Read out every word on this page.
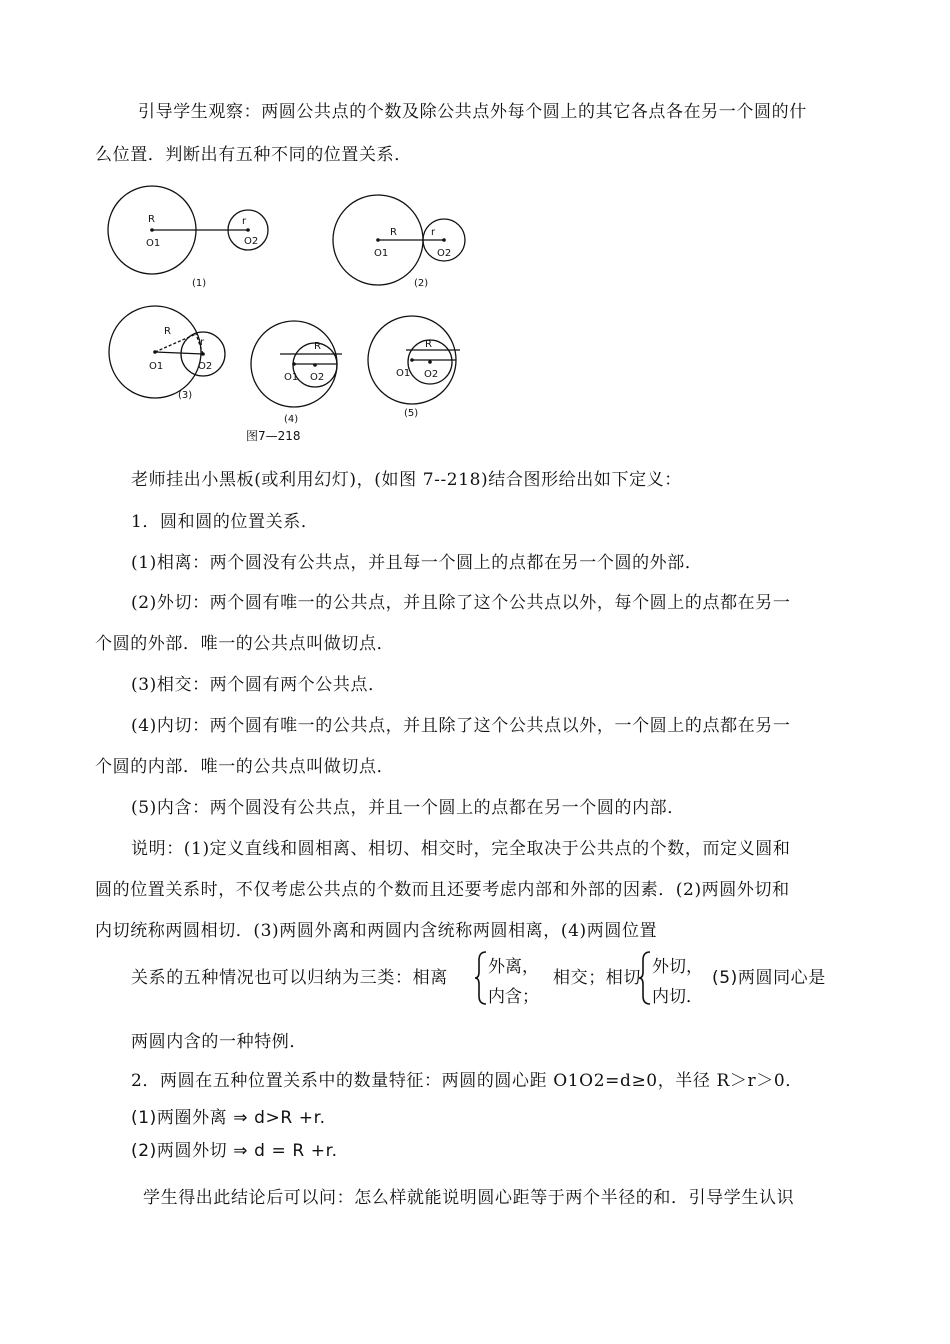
引导学生观察：两圆公共点的个数及除公共点外每个圆上的其它各点各在另一个圆的什
么位置．判断出有五种不同的位置关系．
R	r
O1	O2
(1)
R	r
O1	O2
(2)
R
r
O1	O2
(3)
R
O1 O2
(4)
R
O1 O2
(5)
图7—218
老师挂出小黑板(或利用幻灯)，(如图 7--218)结合图形给出如下定义：
1．圆和圆的位置关系．
(1)相离：两个圆没有公共点，并且每一个圆上的点都在另一个圆的外部．
(2)外切：两个圆有唯一的公共点，并且除了这个公共点以外，每个圆上的点都在另一
个圆的外部．唯一的公共点叫做切点．
(3)相交：两个圆有两个公共点．
(4)内切：两个圆有唯一的公共点，并且除了这个公共点以外，一个圆上的点都在另一
个圆的内部．唯一的公共点叫做切点．
(5)内含：两个圆没有公共点，并且一个圆上的点都在另一个圆的内部．
说明：(1)定义直线和圆相离、相切、相交时，完全取决于公共点的个数，而定义圆和
圆的位置关系时，不仅考虑公共点的个数而且还要考虑内部和外部的因素．(2)两圆外切和
内切统称两圆相切．(3)两圆外离和两圆内含统称两圆相离，(4)两圆位置
关系的五种情况也可以归纳为三类：相离
外离，
内含；
相交；相切
外切，
内切．
(5)两圆同心是
两圆内含的一种特例．
2．两圆在五种位置关系中的数量特征：两圆的圆心距 O1O2=d≥0，半径 R＞r＞0．
(1)两圈外离 ⇒ d>R +r.
(2)两圆外切 ⇒ d = R +r.
学生得出此结论后可以问：怎么样就能说明圆心距等于两个半径的和．引导学生认识
